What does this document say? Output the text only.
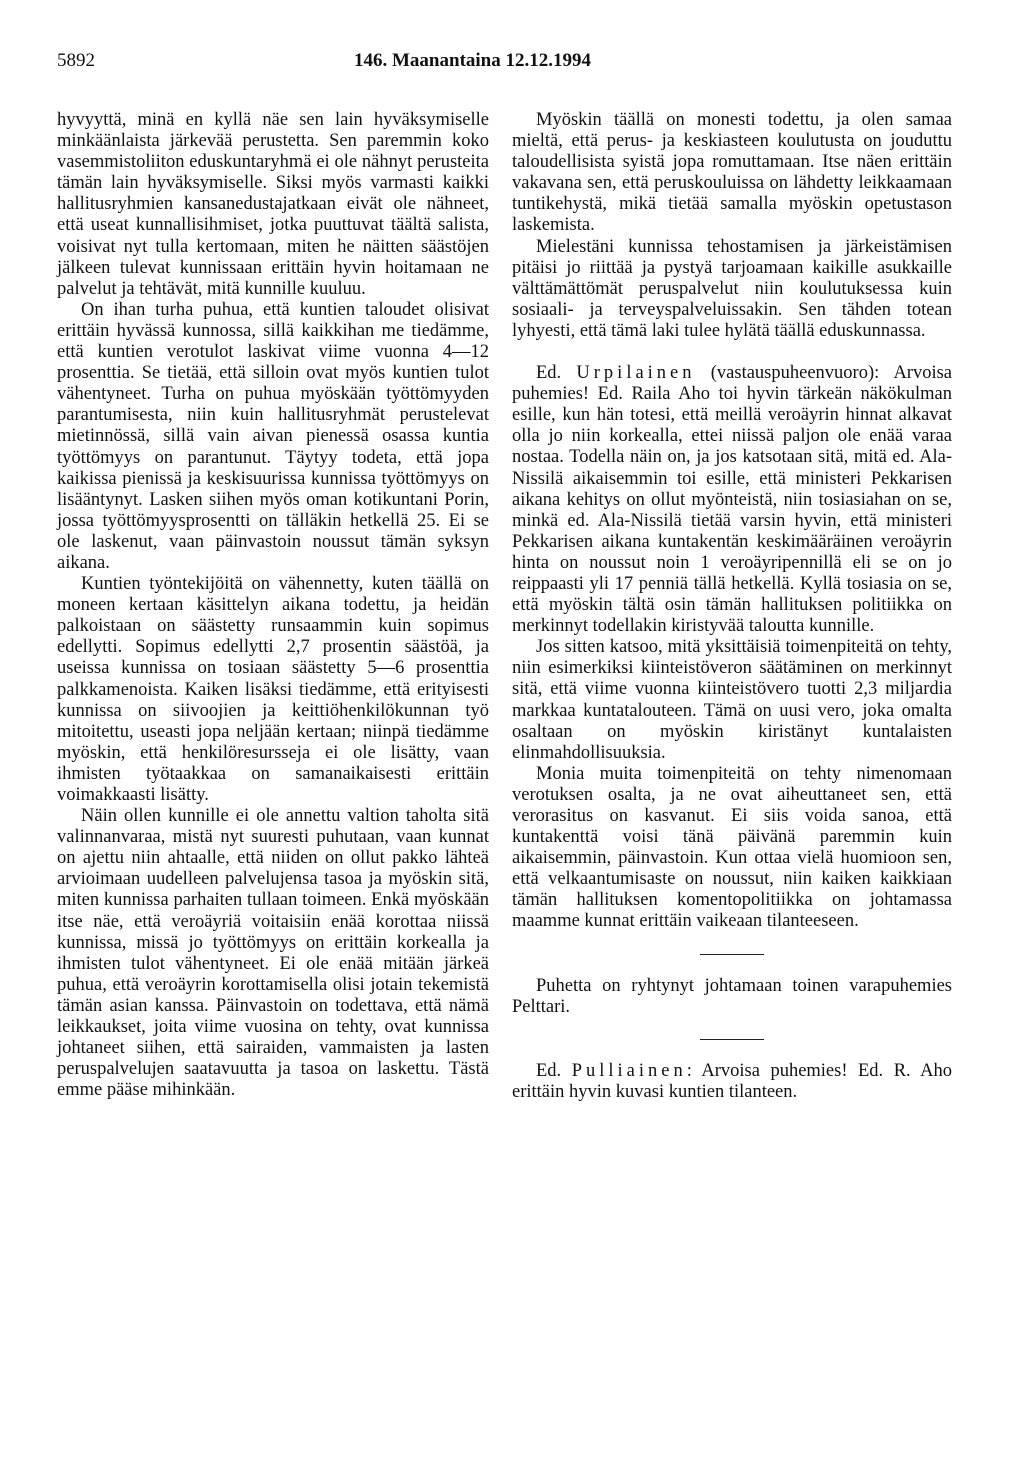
5892	146. Maanantaina 12.12.1994

hyvyyttä, minä en kyllä näe sen lain hyväksymiselle minkäänlaista järkevää perustetta. Sen paremmin koko vasemmistoliiton eduskuntaryhmä ei ole nähnyt perusteita tämän lain hyväksymiselle. Siksi myös varmasti kaikki hallitusryhmien kansanedustajatkaan eivät ole nähneet, että useat kunnallisihmiset, jotka puuttuvat täältä salista, voisivat nyt tulla kertomaan, miten he näitten säästöjen jälkeen tulevat kunnissaan erittäin hyvin hoitamaan ne palvelut ja tehtävät, mitä kunnille kuuluu.

On ihan turha puhua, että kuntien taloudet olisivat erittäin hyvässä kunnossa, sillä kaikkihan me tiedämme, että kuntien verotulot laskivat viime vuonna 4—12 prosenttia. Se tietää, että silloin ovat myös kuntien tulot vähentyneet. Turha on puhua myöskään työttömyyden parantumisesta, niin kuin hallitusryhmät perustelevat mietinnössä, sillä vain aivan pienessä osassa kuntia työttömyys on parantunut. Täytyy todeta, että jopa kaikissa pienissä ja keskisuurissa kunnissa työttömyys on lisääntynyt. Lasken siihen myös oman kotikuntani Porin, jossa työttömyysprosentti on tälläkin hetkellä 25. Ei se ole laskenut, vaan päinvastoin noussut tämän syksyn aikana.

Kuntien työntekijöitä on vähennetty, kuten täällä on moneen kertaan käsittelyn aikana todettu, ja heidän palkoistaan on säästetty runsaammin kuin sopimus edellytti. Sopimus edellytti 2,7 prosentin säästöä, ja useissa kunnissa on tosiaan säästetty 5—6 prosenttia palkkamenoista. Kaiken lisäksi tiedämme, että erityisesti kunnissa on siivoojien ja keittiöhenkilökunnan työ mitoitettu, useasti jopa neljään kertaan; niinpä tiedämme myöskin, että henkilöresursseja ei ole lisätty, vaan ihmisten työtaakkaa on samanaikaisesti erittäin voimakkaasti lisätty.

Näin ollen kunnille ei ole annettu valtion taholta sitä valinnanvaraa, mistä nyt suuresti puhutaan, vaan kunnat on ajettu niin ahtaalle, että niiden on ollut pakko lähteä arvioimaan uudelleen palvelujensa tasoa ja myöskin sitä, miten kunnissa parhaiten tullaan toimeen. Enkä myöskään itse näe, että veroäyriä voitaisiin enää korottaa niissä kunnissa, missä jo työttömyys on erittäin korkealla ja ihmisten tulot vähentyneet. Ei ole enää mitään järkeä puhua, että veroäyrin korottamisella olisi jotain tekemistä tämän asian kanssa. Päinvastoin on todettava, että nämä leikkaukset, joita viime vuosina on tehty, ovat kunnissa johtaneet siihen, että sairaiden, vammaisten ja lasten peruspalvelujen saatavuutta ja tasoa on laskettu. Tästä emme pääse mihinkään.

Myöskin täällä on monesti todettu, ja olen samaa mieltä, että perus- ja keskiasteen koulutusta on jouduttu taloudellisista syistä jopa romuttamaan. Itse näen erittäin vakavana sen, että peruskouluissa on lähdetty leikkaamaan tuntikehystä, mikä tietää samalla myöskin opetustason laskemista.

Mielestäni kunnissa tehostamisen ja järkeistämisen pitäisi jo riittää ja pystyä tarjoamaan kaikille asukkaille välttämättömät peruspalvelut niin koulutuksessa kuin sosiaali- ja terveyspalveluissakin. Sen tähden totean lyhyesti, että tämä laki tulee hylätä täällä eduskunnassa.

Ed. Urpilainen (vastauspuheenvuoro): Arvoisa puhemies! Ed. Raila Aho toi hyvin tärkeän näkökulman esille, kun hän totesi, että meillä veroäyrin hinnat alkavat olla jo niin korkealla, ettei niissä paljon ole enää varaa nostaa. Todella näin on, ja jos katsotaan sitä, mitä ed. Ala-Nissilä aikaisemmin toi esille, että ministeri Pekkarisen aikana kehitys on ollut myönteistä, niin tosiasiahan on se, minkä ed. Ala-Nissilä tietää varsin hyvin, että ministeri Pekkarisen aikana kuntakentän keskimääräinen veroäyrin hinta on noussut noin 1 veroäyripennillä eli se on jo reippaasti yli 17 penniä tällä hetkellä. Kyllä tosiasia on se, että myöskin tältä osin tämän hallituksen politiikka on merkinnyt todellakin kiristyvää taloutta kunnille.

Jos sitten katsoo, mitä yksittäisiä toimenpiteitä on tehty, niin esimerkiksi kiinteistöveron säätäminen on merkinnyt sitä, että viime vuonna kiinteistövero tuotti 2,3 miljardia markkaa kuntatalouteen. Tämä on uusi vero, joka omalta osaltaan on myöskin kiristänyt kuntalaisten elinmahdollisuuksia.

Monia muita toimenpiteitä on tehty nimenomaan verotuksen osalta, ja ne ovat aiheuttaneet sen, että verorasitus on kasvanut. Ei siis voida sanoa, että kuntakenttä voisi tänä päivänä paremmin kuin aikaisemmin, päinvastoin. Kun ottaa vielä huomioon sen, että velkaantumisaste on noussut, niin kaiken kaikkiaan tämän hallituksen komentopolitiikka on johtamassa maamme kunnat erittäin vaikeaan tilanteeseen.

Puhetta on ryhtynyt johtamaan toinen varapuhemies Pelttari.

Ed. Pulliainen: Arvoisa puhemies! Ed. R. Aho erittäin hyvin kuvasi kuntien tilanteen.
